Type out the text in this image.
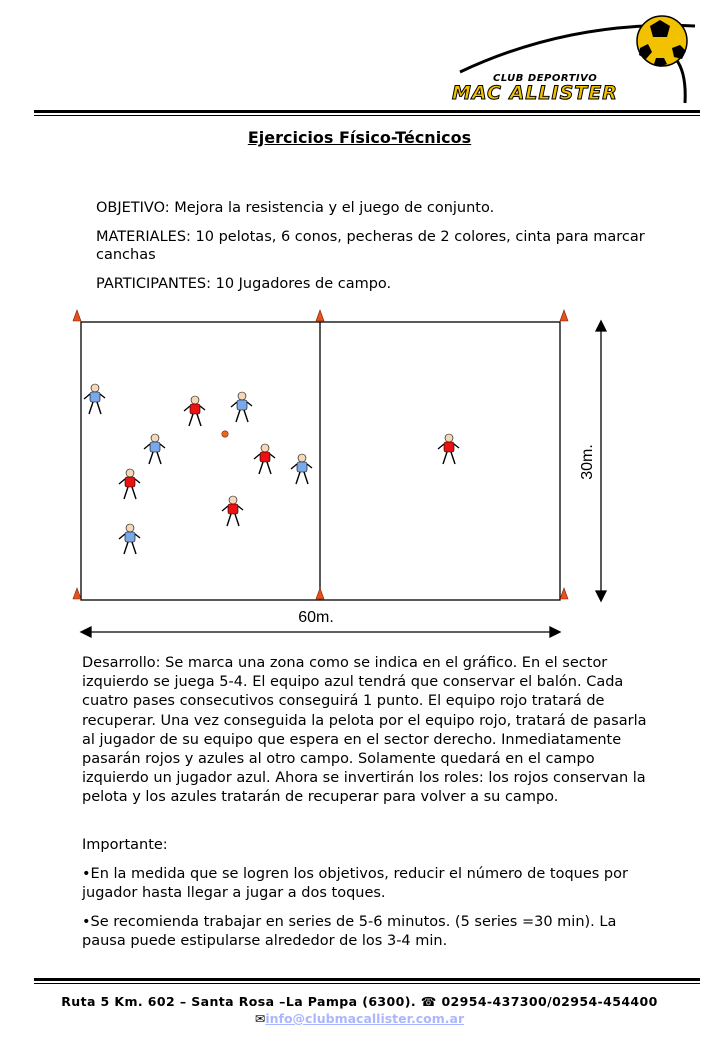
CLUB DEPORTIVO
MAC ALLISTER
Ejercicios Físico-Técnicos
OBJETIVO: Mejora la resistencia y el juego de conjunto.
MATERIALES: 10 pelotas, 6 conos, pecheras de 2 colores, cinta para marcar canchas
PARTICIPANTES: 10 Jugadores de campo.
30m.
60m.
Desarrollo: Se marca una zona como se indica en el gráfico. En el sector izquierdo se juega 5-4. El equipo azul tendrá que conservar el balón. Cada cuatro pases consecutivos conseguirá 1 punto. El equipo rojo tratará de recuperar. Una vez conseguida la pelota por el equipo rojo, tratará de pasarla al jugador de su equipo que espera en el sector derecho. Inmediatamente pasarán rojos y azules al otro campo. Solamente quedará en el campo izquierdo un jugador azul. Ahora se invertirán los roles: los rojos conservan la pelota y los azules tratarán de recuperar para volver a su campo.
Importante:
•En la medida que se logren los objetivos, reducir el número de toques por jugador hasta llegar a jugar a dos toques.
•Se recomienda trabajar en series de 5-6 minutos. (5 series =30 min). La pausa puede estipularse alrededor de los 3-4 min.
Ruta 5 Km. 602 – Santa Rosa –La Pampa (6300). ☎ 02954-437300/02954-454400
✉info@clubmacallister.com.ar
